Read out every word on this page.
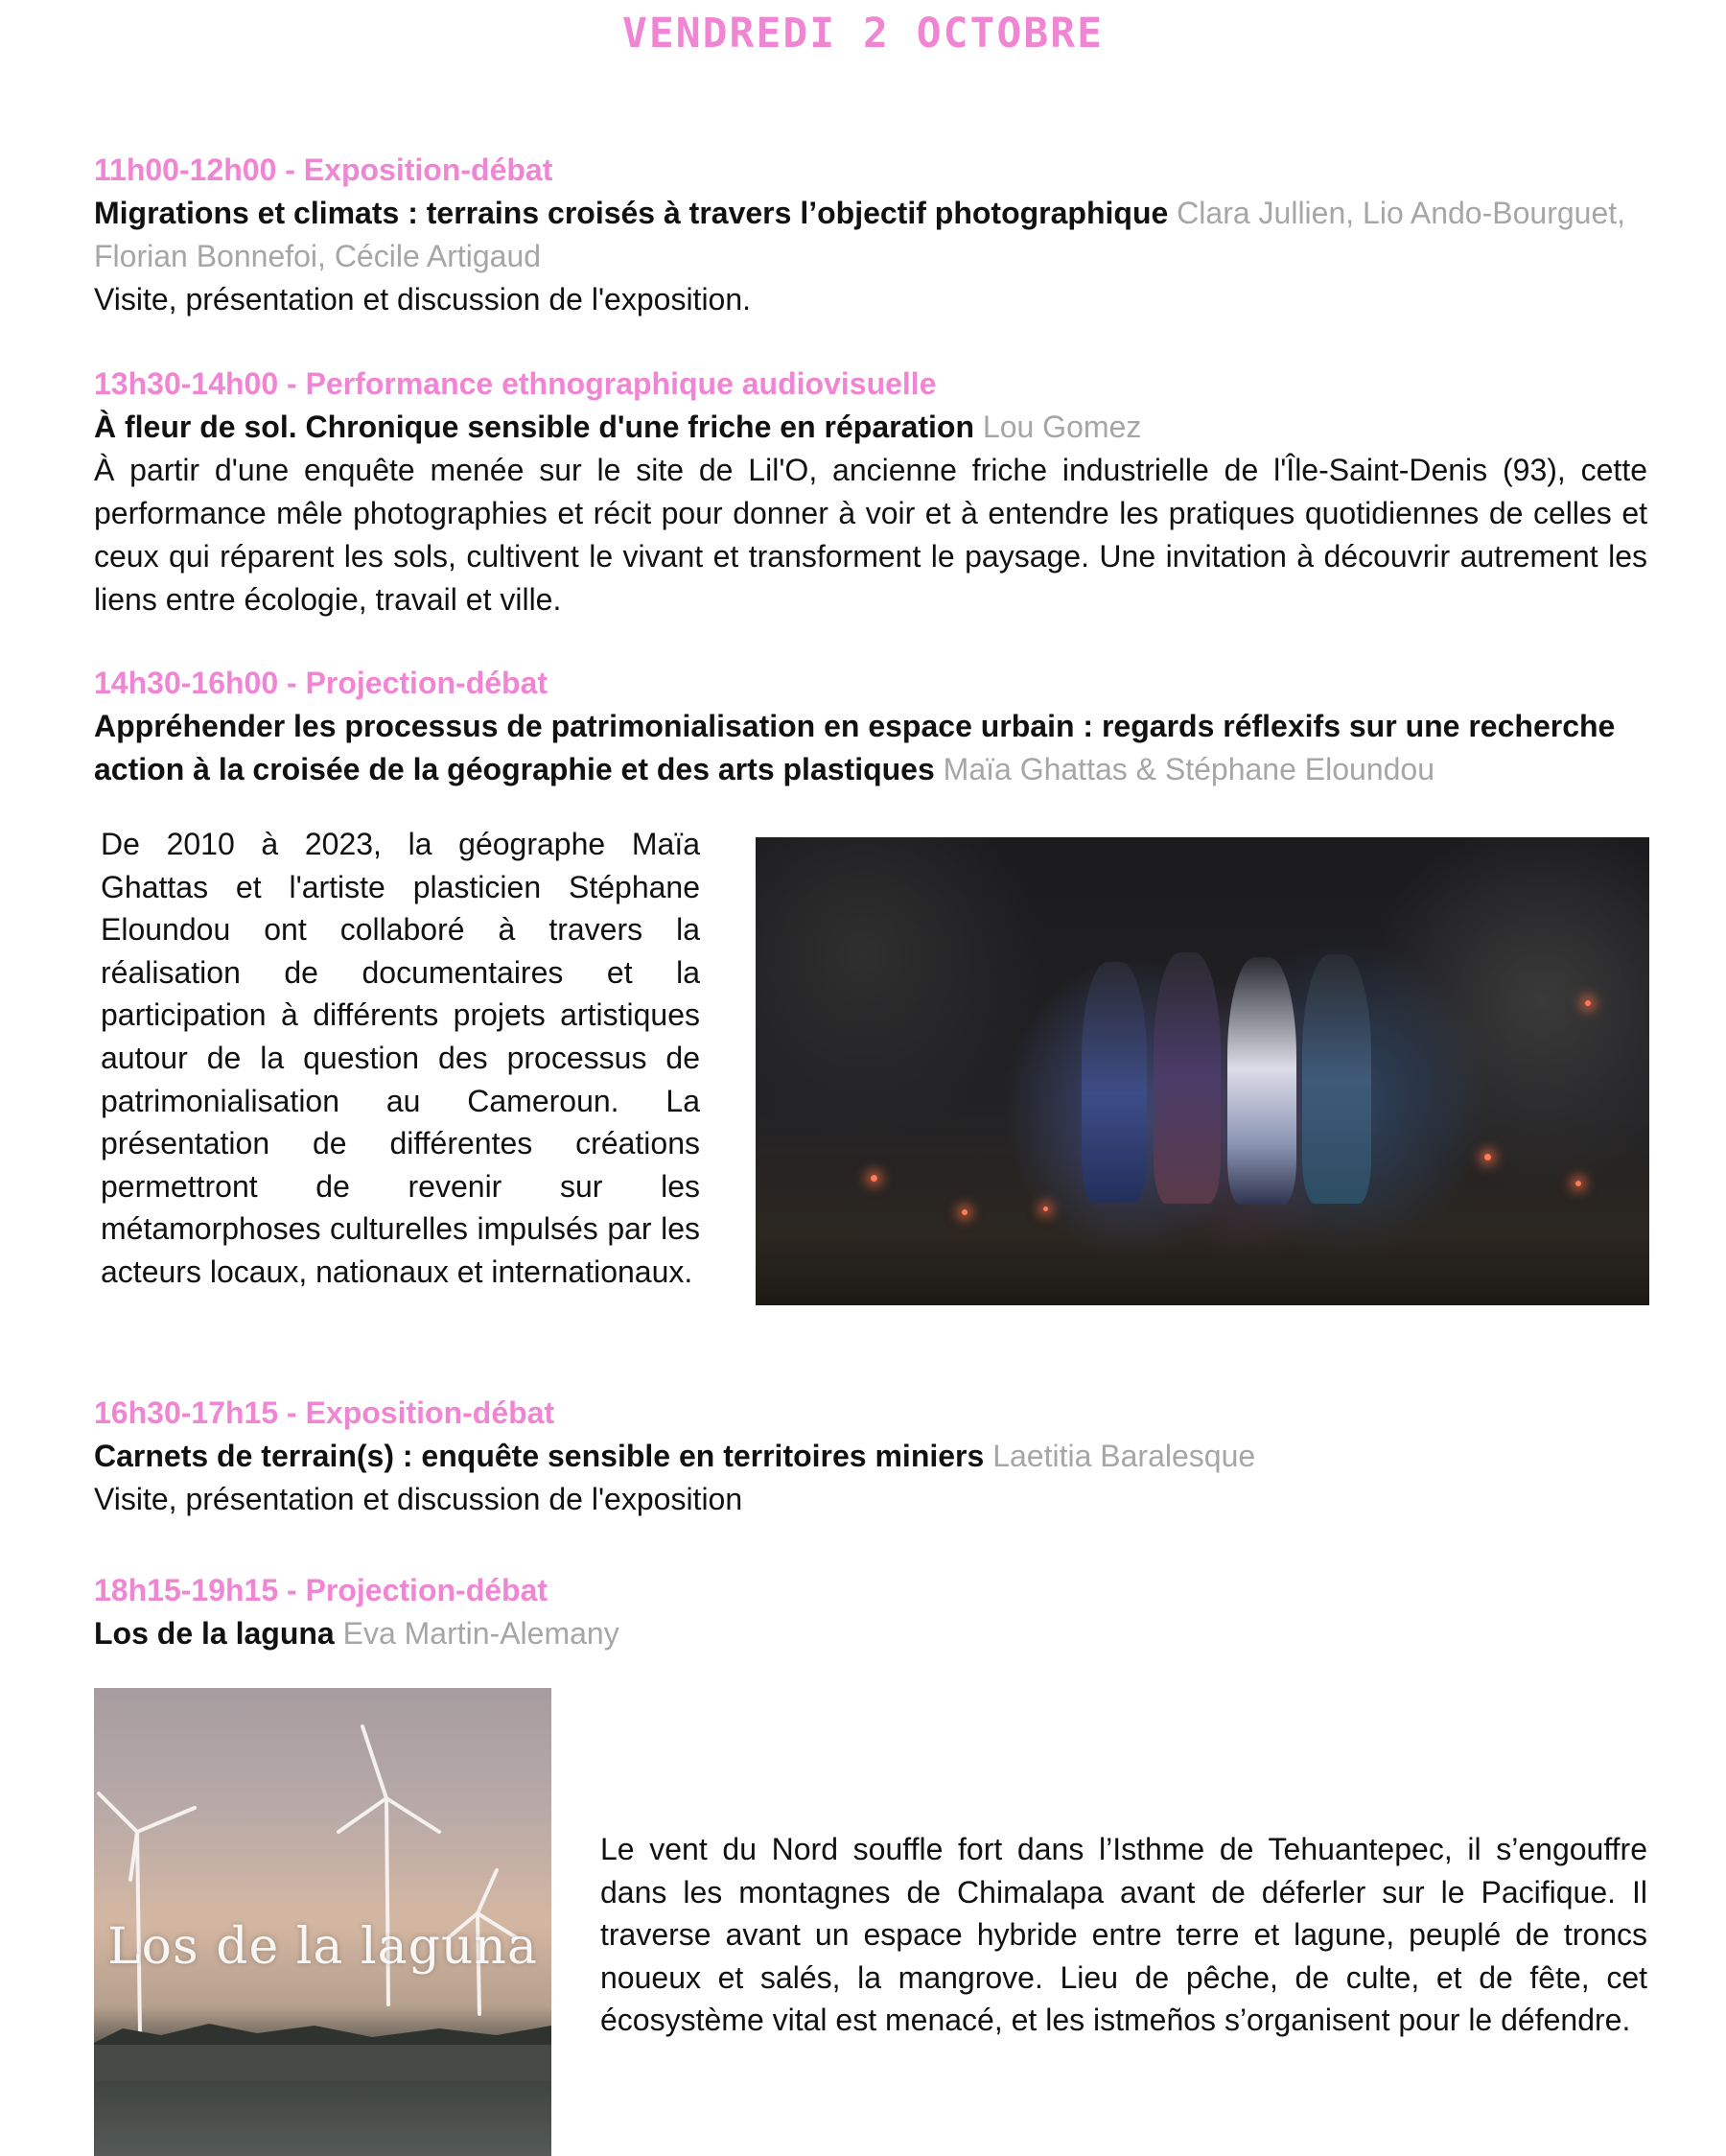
VENDREDI 2 OCTOBRE
11h00-12h00 - Exposition-débat
Migrations et climats : terrains croisés à travers l’objectif photographique Clara Jullien, Lio Ando-Bourguet, Florian Bonnefoi, Cécile Artigaud
Visite, présentation et discussion de l'exposition.
13h30-14h00 - Performance ethnographique audiovisuelle
À fleur de sol. Chronique sensible d'une friche en réparation Lou Gomez
À partir d'une enquête menée sur le site de Lil'O, ancienne friche industrielle de l'Île-Saint-Denis (93), cette performance mêle photographies et récit pour donner à voir et à entendre les pratiques quotidiennes de celles et ceux qui réparent les sols, cultivent le vivant et transforment le paysage. Une invitation à découvrir autrement les liens entre écologie, travail et ville.
14h30-16h00 - Projection-débat
Appréhender les processus de patrimonialisation en espace urbain : regards réflexifs sur une recherche action à la croisée de la géographie et des arts plastiques Maïa Ghattas & Stéphane Eloundou
De 2010 à 2023, la géographe Maïa Ghattas et l'artiste plasticien Stéphane Eloundou ont collaboré à travers la réalisation de documentaires et la participation à différents projets artistiques autour de la question des processus de patrimonialisation au Cameroun. La présentation de différentes créations permettront de revenir sur les métamorphoses culturelles impulsés par les acteurs locaux, nationaux et internationaux.
16h30-17h15 - Exposition-débat
Carnets de terrain(s) : enquête sensible en territoires miniers Laetitia Baralesque
Visite, présentation et discussion de l'exposition
18h15-19h15 - Projection-débat
Los de la laguna Eva Martin-Alemany
Los de la laguna
Le vent du Nord souffle fort dans l’Isthme de Tehuantepec, il s’engouffre dans les montagnes de Chimalapa avant de déferler sur le Pacifique. Il traverse avant un espace hybride entre terre et lagune, peuplé de troncs noueux et salés, la mangrove. Lieu de pêche, de culte, et de fête, cet écosystème vital est menacé, et les istmeños s’organisent pour le défendre.
